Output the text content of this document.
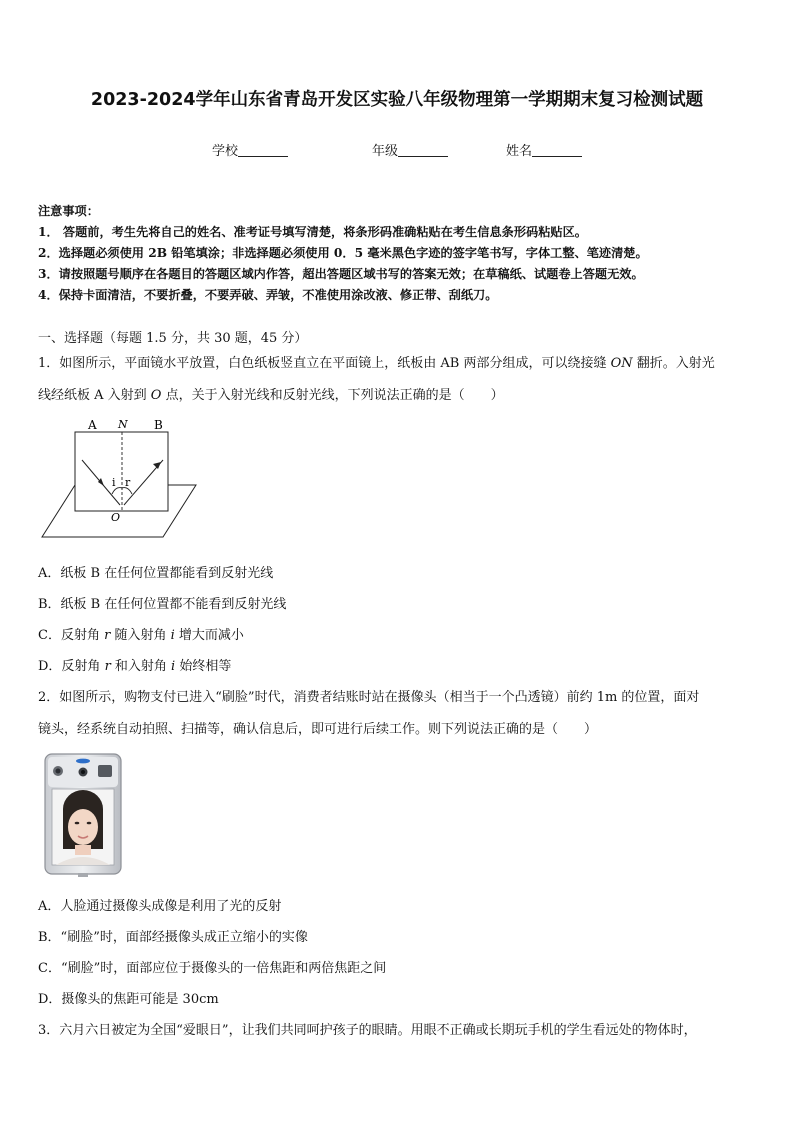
2023-2024学年山东省青岛开发区实验八年级物理第一学期期末复习检测试题
学校	年级	姓名
注意事项：
1． 答题前，考生先将自己的姓名、准考证号填写清楚，将条形码准确粘贴在考生信息条形码粘贴区。
2．选择题必须使用 2B 铅笔填涂；非选择题必须使用 0．5 毫米黑色字迹的签字笔书写，字体工整、笔迹清楚。
3．请按照题号顺序在各题目的答题区域内作答，超出答题区域书写的答案无效；在草稿纸、试题卷上答题无效。
4．保持卡面清洁，不要折叠，不要弄破、弄皱，不准使用涂改液、修正带、刮纸刀。
一、选择题（每题 1.5 分，共 30 题，45 分）
1．如图所示，平面镜水平放置，白色纸板竖直立在平面镜上，纸板由 AB 两部分组成，可以绕接缝 ON 翻折。入射光
线经纸板 A 入射到 O 点，关于入射光线和反射光线，下列说法正确的是（　　）
A N B
i r
O
A．纸板 B 在任何位置都能看到反射光线
B．纸板 B 在任何位置都不能看到反射光线
C．反射角 r 随入射角 i 增大而减小
D．反射角 r 和入射角 i 始终相等
2．如图所示，购物支付已进入“刷脸”时代，消费者结账时站在摄像头（相当于一个凸透镜）前约 1m 的位置，面对
镜头，经系统自动拍照、扫描等，确认信息后，即可进行后续工作。则下列说法正确的是（　　）
A．人脸通过摄像头成像是利用了光的反射
B．“刷脸”时，面部经摄像头成正立缩小的实像
C．“刷脸”时，面部应位于摄像头的一倍焦距和两倍焦距之间
D．摄像头的焦距可能是 30cm
3．六月六日被定为全国“爱眼日”，让我们共同呵护孩子的眼睛。用眼不正确或长期玩手机的学生看远处的物体时，
